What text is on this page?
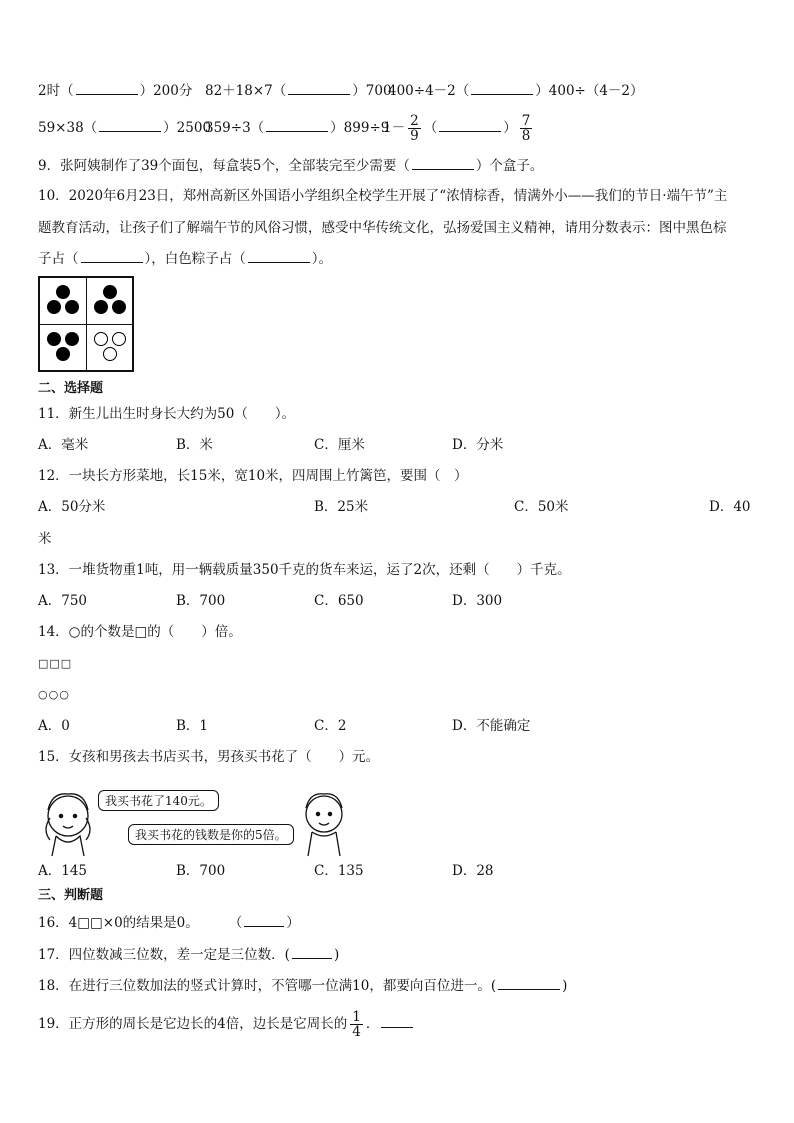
2时（	）200分 82＋18×7（	）700
400÷4－2（	）400÷（4－2）
59×38（	）2500
359÷3（	）899÷9
$1- \frac{2}{9}$ （	） $\frac{7}{8}$
9．张阿姨制作了39个面包，每盒装5个，全部装完至少需要（	）个盒子。
10．2020年6月23日，郑州高新区外国语小学组织全校学生开展了“浓情棕香，情满外小——我们的节日·端午节”主
题教育活动，让孩子们了解端午节的风俗习惯，感受中华传统文化，弘扬爱国主义精神，请用分数表示：图中黑色棕
子占（	），白色粽子占（	）。
二、选择题
11．新生儿出生时身长大约为50（　　）。
A．毫米	B．米	C．厘米	D．分米
12．一块长方形菜地，长15米，宽10米，四周围上竹篱笆，要围（　）
A．50分米	B．25米	C．50米	D．40
米
13．一堆货物重1吨，用一辆载质量350千克的货车来运，运了2次，还剩（　　）千克。
A．750	B．700	C．650	D．300
14．○的个数是□的（　　）倍。
□□□
○○○
A．0	B．1	C．2	D．不能确定
15．女孩和男孩去书店买书，男孩买书花了（　　）元。
我买书花了140元。
我买书花的钱数是你的5倍。
A．145	B．700	C．135	D．28
三、判断题
16．4□□×0的结果是0。 （	）
17．四位数减三位数，差一定是三位数．(	)
18．在进行三位数加法的竖式计算时，不管哪一位满10，都要向百位进一。(	)
19．正方形的周长是它边长的4倍，边长是它周长的 $\frac{1}{4}$ ．
